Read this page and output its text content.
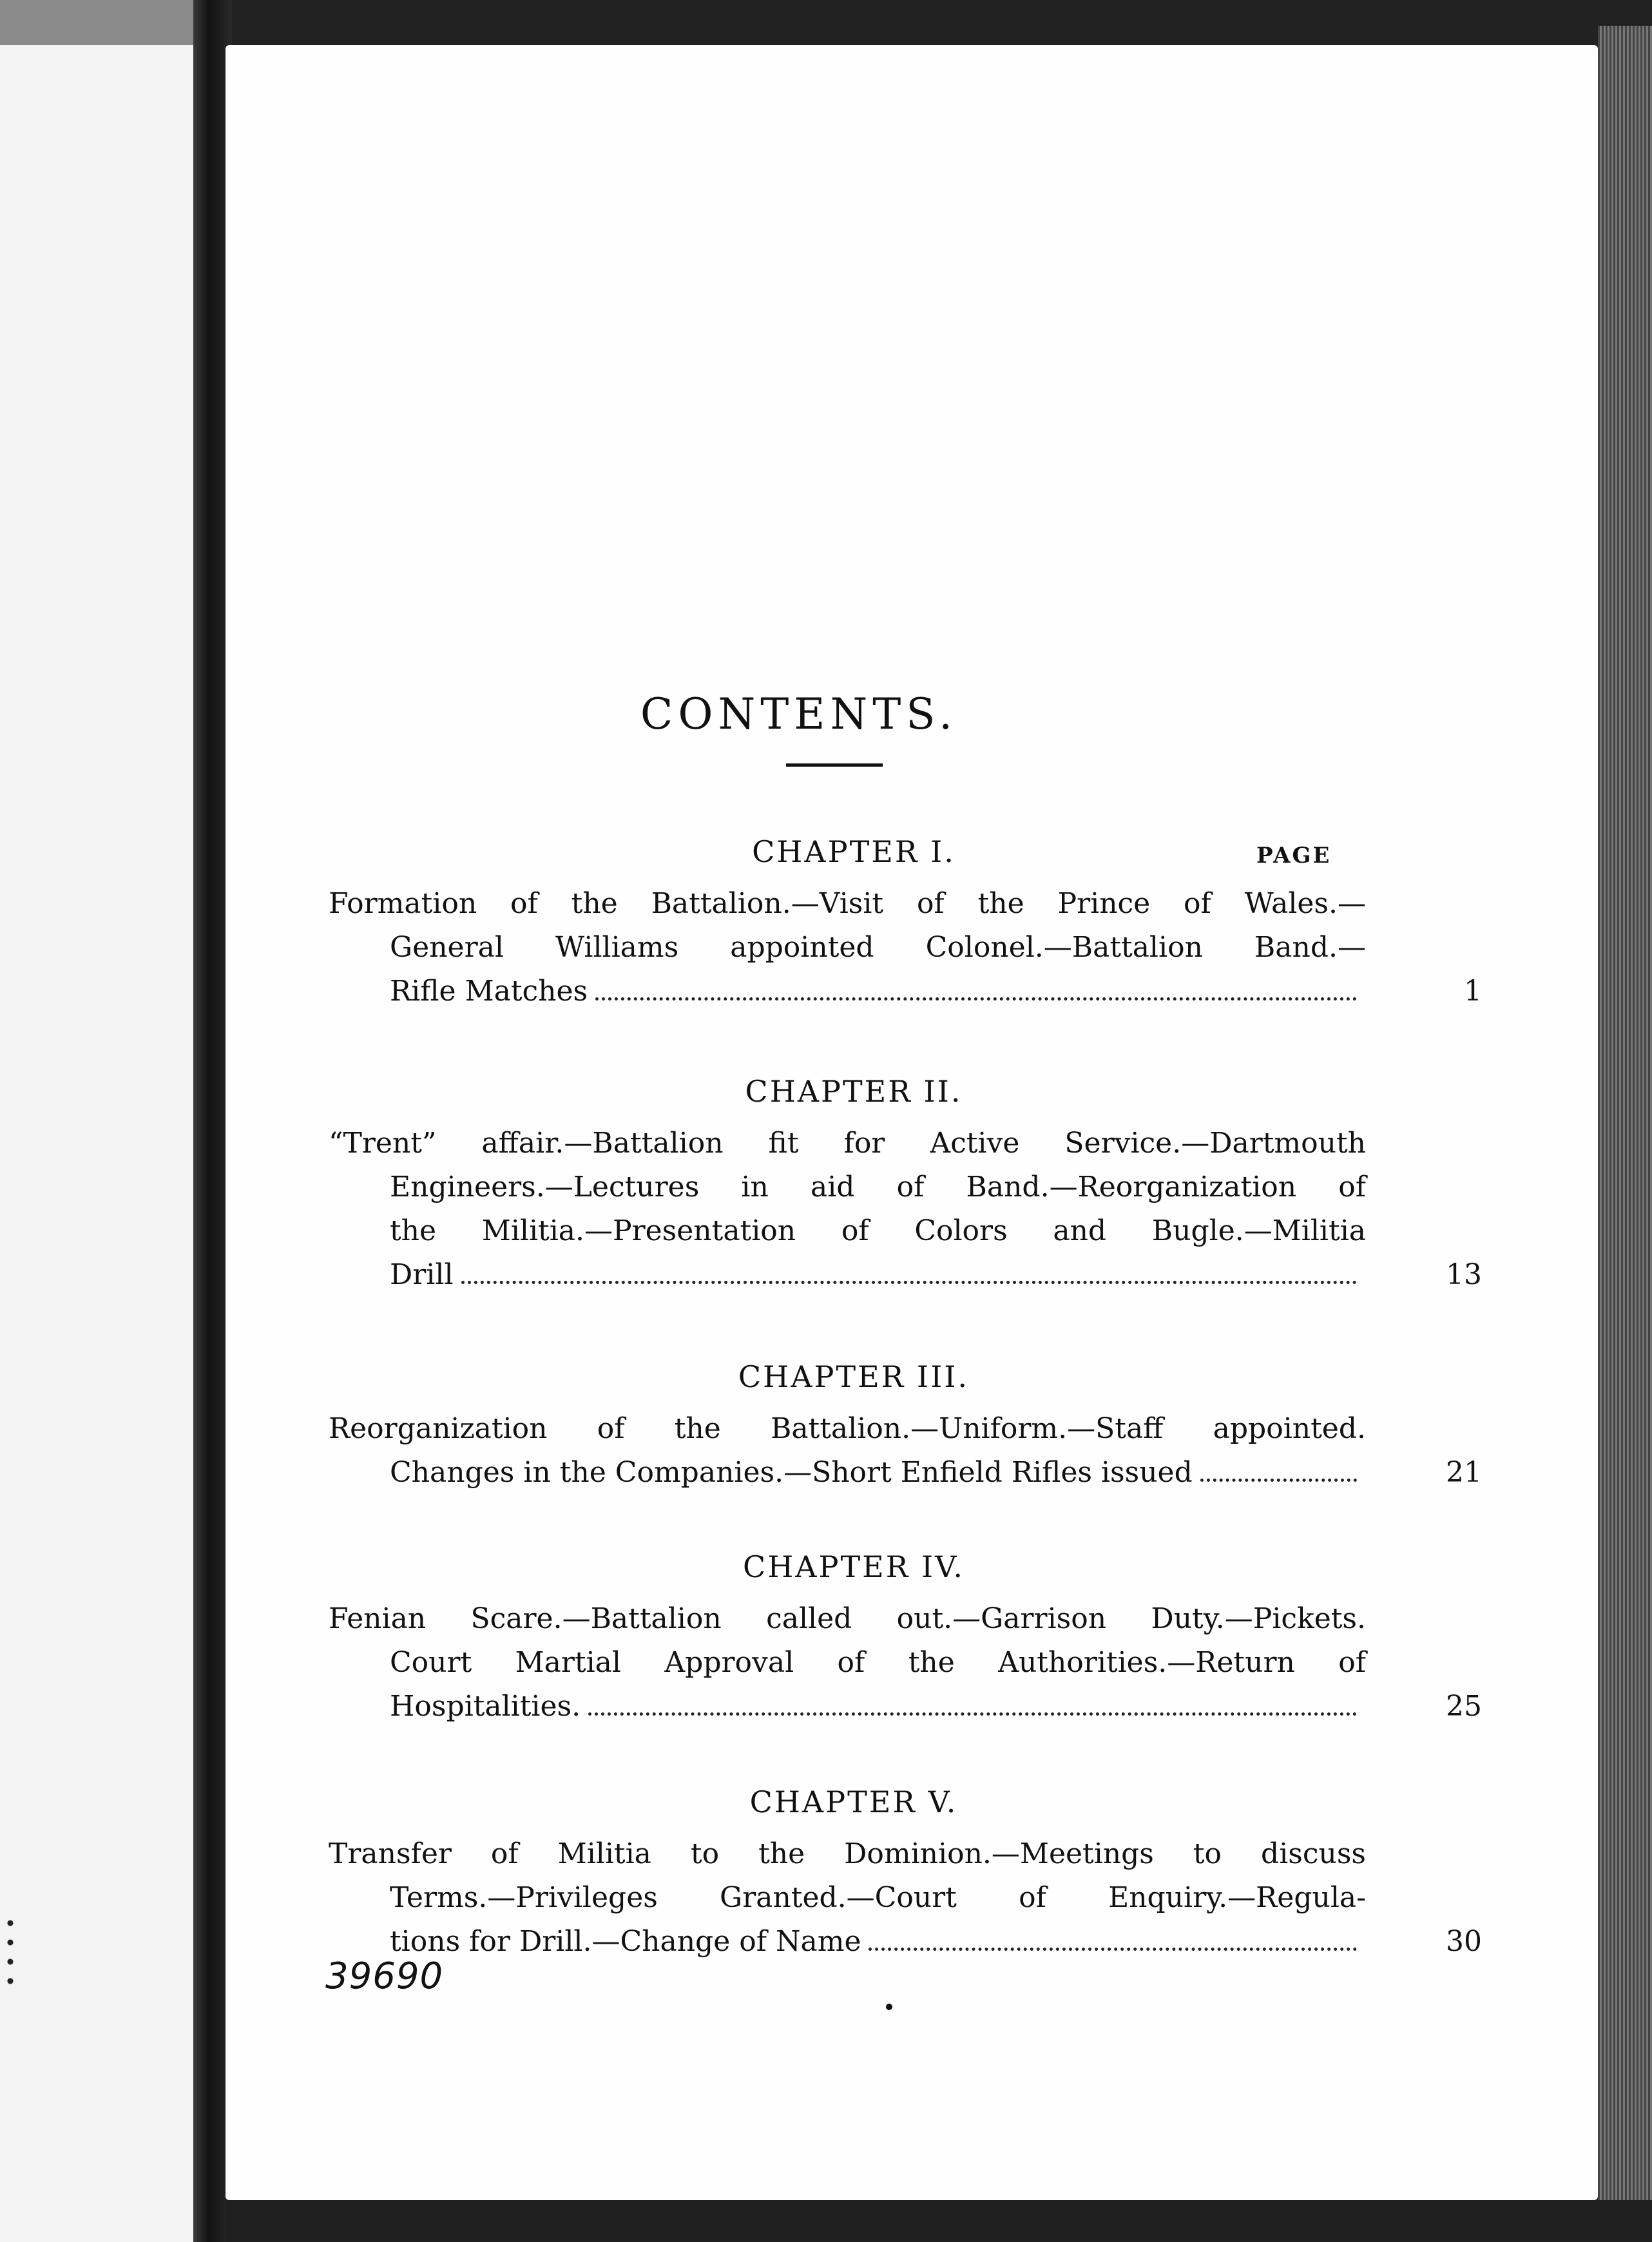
CONTENTS.
PAGE
CHAPTER I.
Formation of the Battalion.—Visit of the Prince of Wales.—
General Williams appointed Colonel.—Battalion Band.—
Rifle Matches	1
CHAPTER II.
“Trent” affair.—Battalion fit for Active Service.—Dartmouth
Engineers.—Lectures in aid of Band.—Reorganization of
the Militia.—Presentation of Colors and Bugle.—Militia
Drill	13
CHAPTER III.
Reorganization of the Battalion.—Uniform.—Staff appointed.
Changes in the Companies.—Short Enfield Rifles issued	21
CHAPTER IV.
Fenian Scare.—Battalion called out.—Garrison Duty.—Pickets.
Court Martial Approval of the Authorities.—Return of
Hospitalities.	25
CHAPTER V.
Transfer of Militia to the Dominion.—Meetings to discuss
Terms.—Privileges Granted.—Court of Enquiry.—Regula-
tions for Drill.—Change of Name	30
39690
